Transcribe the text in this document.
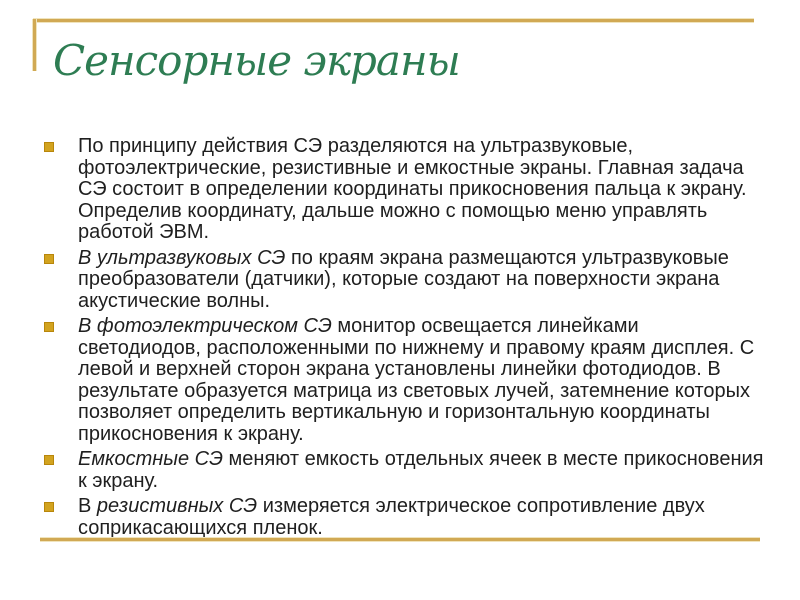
Сенсорные экраны
По принципу действия СЭ разделяются на ультразвуковые, фотоэлектрические, резистивные и емкостные экраны. Главная задача СЭ состоит в определении координаты прикосновения пальца к экрану. Определив координату, дальше можно с помощью меню управлять работой ЭВМ.
В ультразвуковых СЭ по краям экрана размещаются ультразвуковые преобразователи (датчики), которые создают на поверхности экрана акустические волны.
В фотоэлектрическом СЭ монитор освещается линейками светодиодов, расположенными по нижнему и правому краям дисплея. С левой и верхней сторон экрана установлены линейки фотодиодов. В результате образуется матрица из световых лучей, затемнение которых позволяет определить вертикальную и горизонтальную координаты прикосновения к экрану.
Емкостные СЭ меняют емкость отдельных ячеек в месте прикосновения к экрану.
В резистивных СЭ измеряется электрическое сопротивление двух соприкасающихся пленок.
